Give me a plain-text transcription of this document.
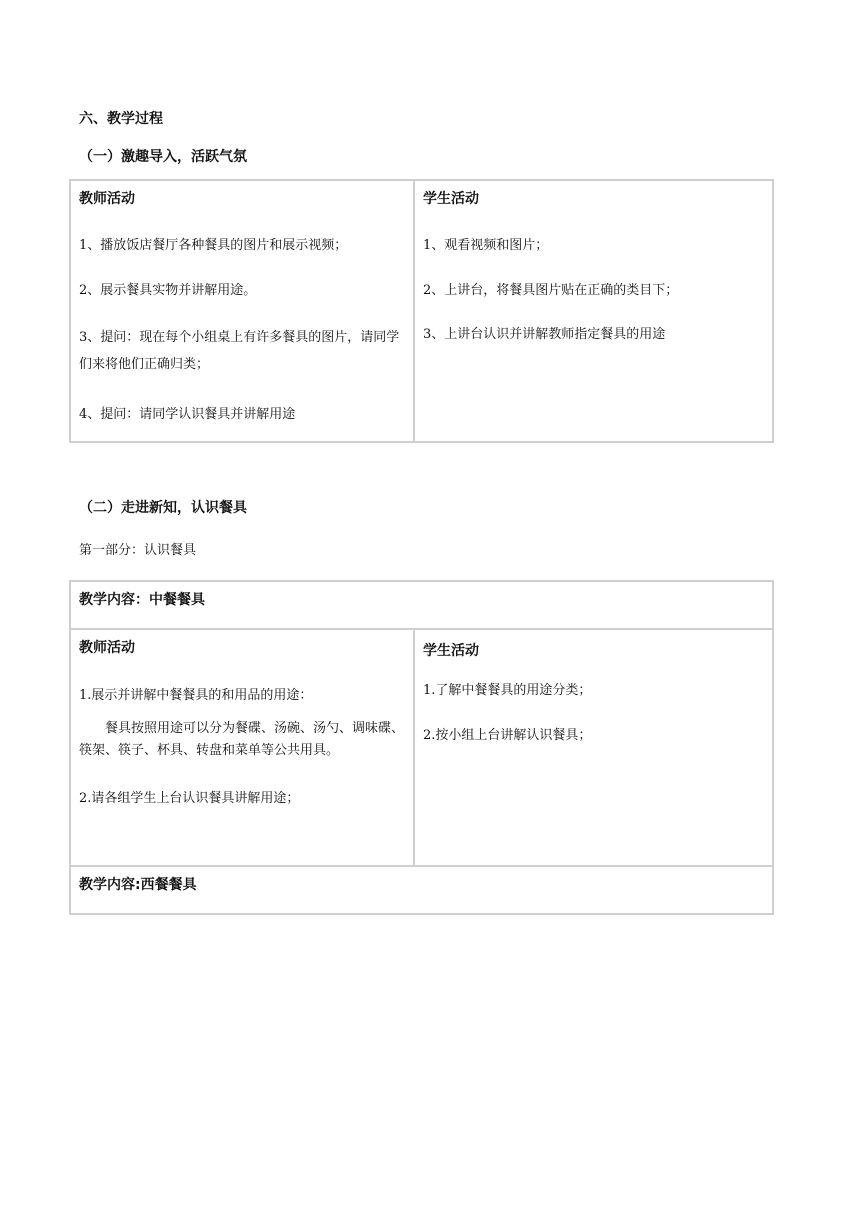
六、教学过程
（一）激趣导入，活跃气氛
教师活动
1、播放饭店餐厅各种餐具的图片和展示视频；
2、展示餐具实物并讲解用途。
3、提问：现在每个小组桌上有许多餐具的图片，请同学们来将他们正确归类；
4、提问：请同学认识餐具并讲解用途
学生活动
1、观看视频和图片；
2、上讲台，将餐具图片贴在正确的类目下；
3、上讲台认识并讲解教师指定餐具的用途
（二）走进新知，认识餐具
第一部分：认识餐具
教学内容：中餐餐具
教师活动
1.展示并讲解中餐餐具的和用品的用途：
餐具按照用途可以分为餐碟、汤碗、汤勺、调味碟、筷架、筷子、杯具、转盘和菜单等公共用具。
2.请各组学生上台认识餐具讲解用途；
学生活动
1.了解中餐餐具的用途分类；
2.按小组上台讲解认识餐具；
教学内容:西餐餐具
